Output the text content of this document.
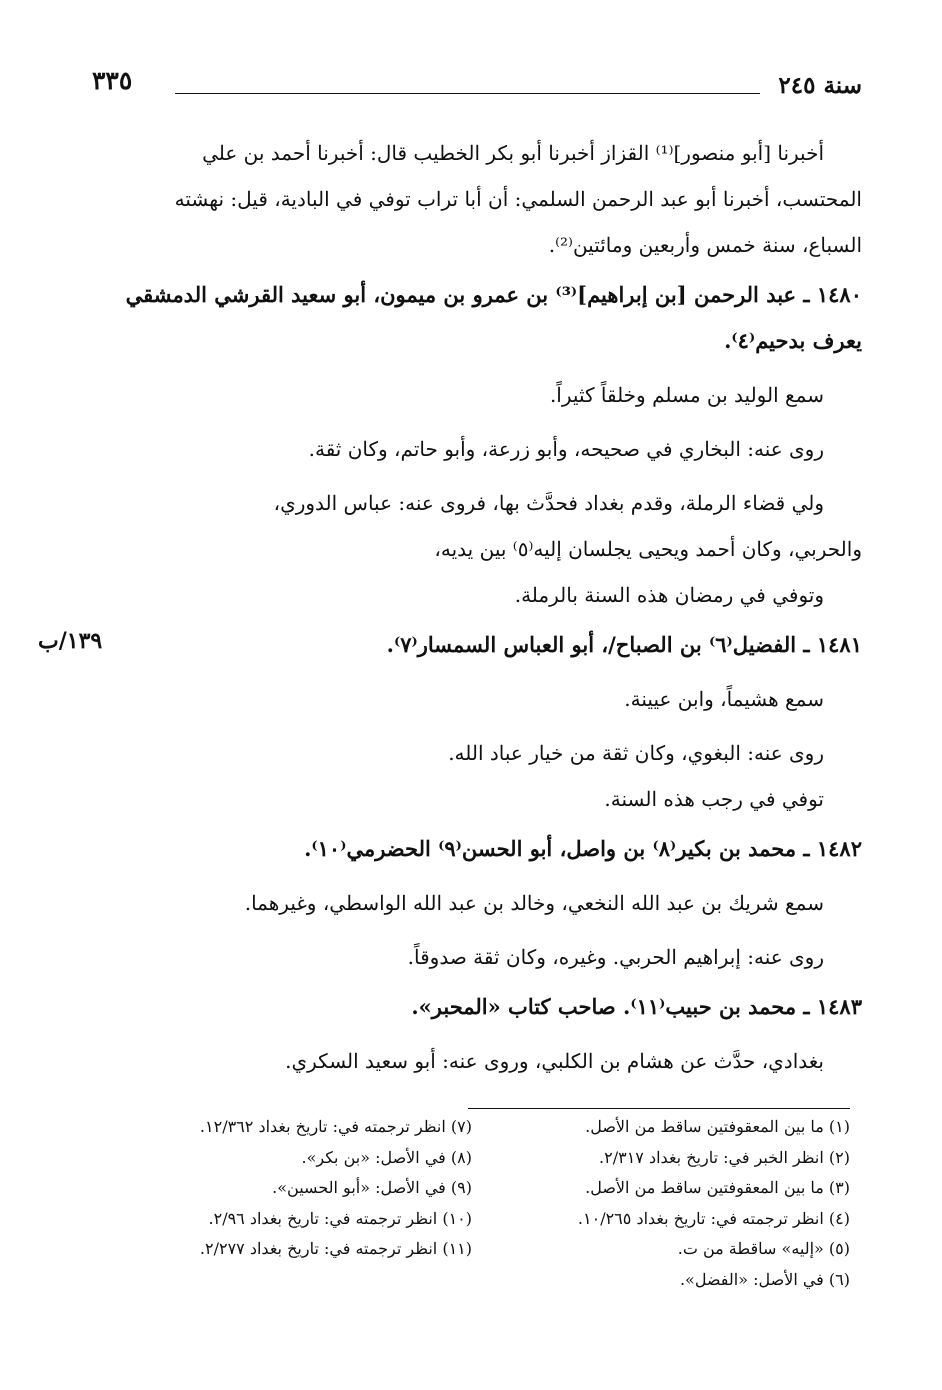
سنة ٢٤٥
٣٣٥
١٣٩/ب

أخبرنا [أبو منصور]⁽¹⁾ القزاز أخبرنا أبو بكر الخطيب قال: أخبرنا أحمد بن علي

المحتسب، أخبرنا أبو عبد الرحمن السلمي: أن أبا تراب توفي في البادية، قيل: نهشته

السباع، سنة خمس وأربعين ومائتين⁽²⁾.

١٤٨٠ ـ عبد الرحمن [بن إبراهيم]⁽³⁾ بن عمرو بن ميمون، أبو سعيد القرشي الدمشقي

يعرف بدحيم⁽٤⁾.

سمع الوليد بن مسلم وخلقاً كثيراً.

روى عنه: البخاري في صحيحه، وأبو زرعة، وأبو حاتم، وكان ثقة.

ولي قضاء الرملة، وقدم بغداد فحدَّث بها، فروى عنه: عباس الدوري،

والحربي، وكان أحمد ويحيى يجلسان إليه⁽٥⁾ بين يديه،

وتوفي في رمضان هذه السنة بالرملة.

١٤٨١ ـ الفضيل⁽٦⁾ بن الصباح/، أبو العباس السمسار⁽٧⁾.

سمع هشيماً، وابن عيينة.

روى عنه: البغوي، وكان ثقة من خيار عباد الله.

توفي في رجب هذه السنة.

١٤٨٢ ـ محمد بن بكير⁽٨⁾ بن واصل، أبو الحسن⁽٩⁾ الحضرمي⁽١٠⁾.

سمع شريك بن عبد الله النخعي، وخالد بن عبد الله الواسطي، وغيرهما.

روى عنه: إبراهيم الحربي. وغيره، وكان ثقة صدوقاً.

١٤٨٣ ـ محمد بن حبيب⁽١١⁾. صاحب كتاب «المحبر».

بغدادي، حدَّث عن هشام بن الكلبي، وروى عنه: أبو سعيد السكري.

(١) ما بين المعقوفتين ساقط من الأصل.

(٢) انظر الخبر في: تاريخ بغداد ٢/٣١٧.

(٣) ما بين المعقوفتين ساقط من الأصل.

(٤) انظر ترجمته في: تاريخ بغداد ١٠/٢٦٥.

(٥) «إليه» ساقطة من ت.

(٦) في الأصل: «الفضل».

(٧) انظر ترجمته في: تاريخ بغداد ١٢/٣٦٢.

(٨) في الأصل: «بن بكر».

(٩) في الأصل: «أبو الحسين».

(١٠) انظر ترجمته في: تاريخ بغداد ٢/٩٦.

(١١) انظر ترجمته في: تاريخ بغداد ٢/٢٧٧.
